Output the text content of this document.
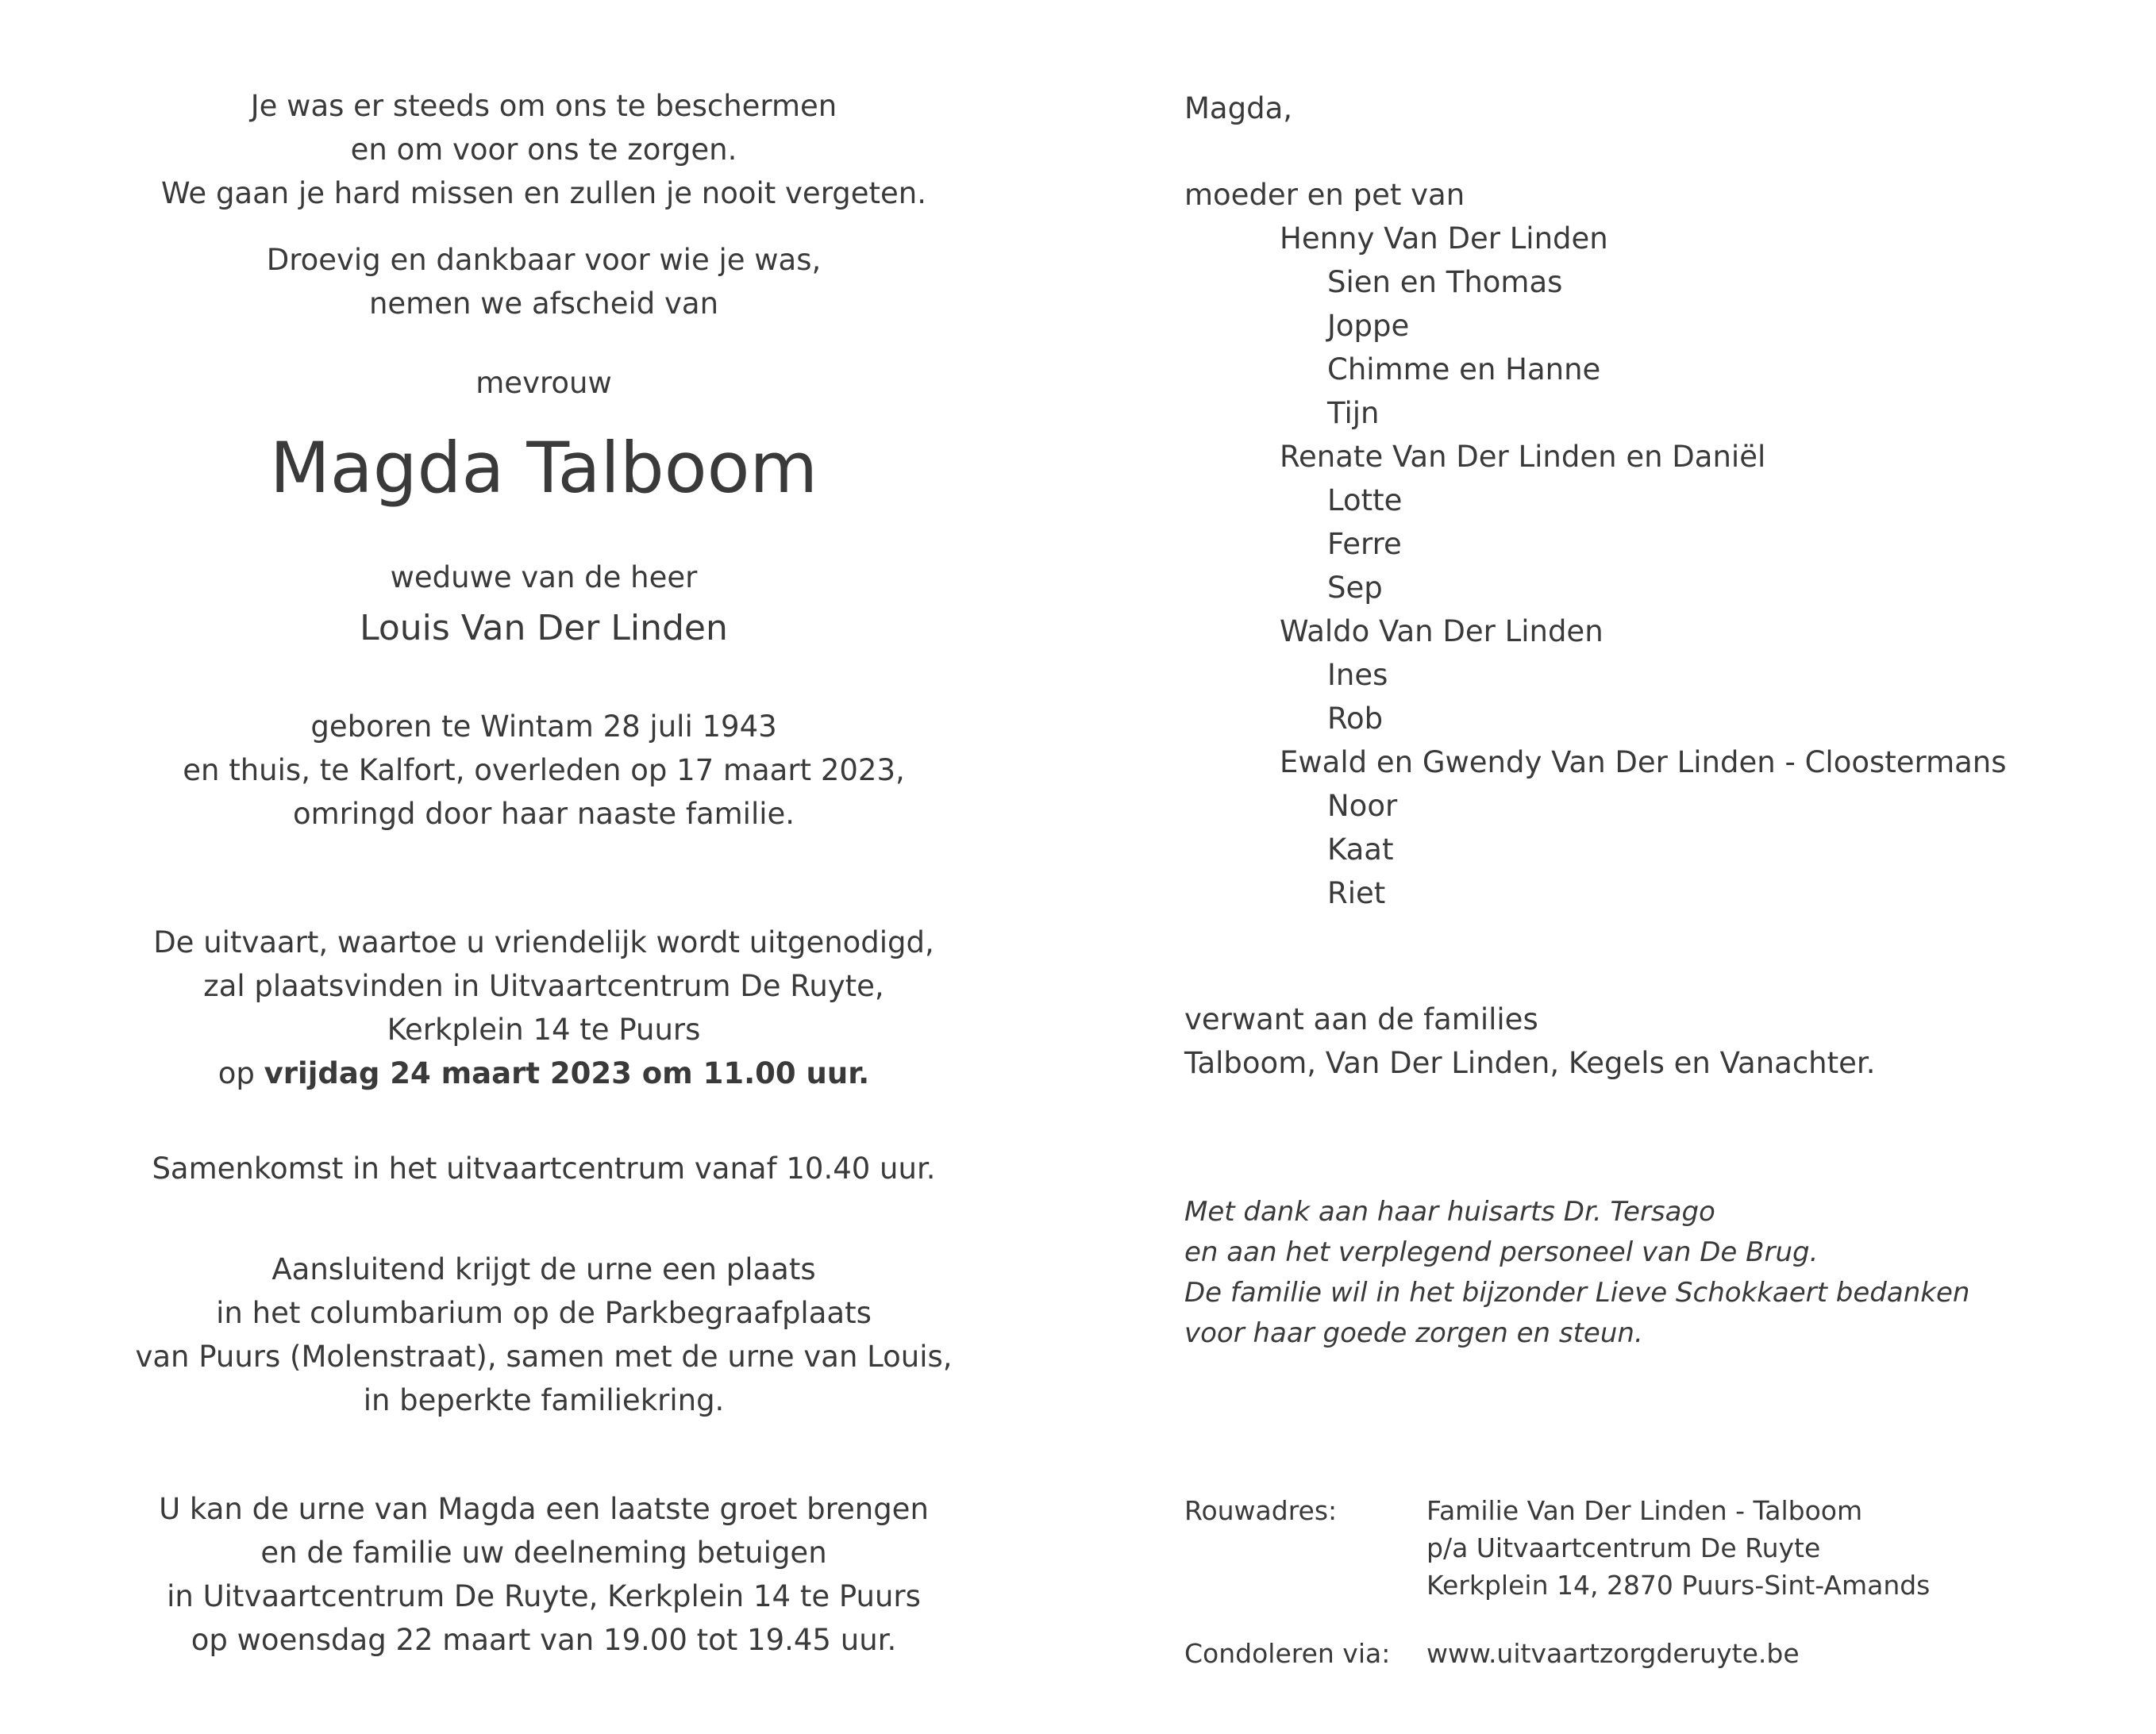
Je was er steeds om ons te beschermen
en om voor ons te zorgen.
We gaan je hard missen en zullen je nooit vergeten.
Droevig en dankbaar voor wie je was,
nemen we afscheid van
mevrouw
Magda Talboom
weduwe van de heer
Louis Van Der Linden
geboren te Wintam 28 juli 1943
en thuis, te Kalfort, overleden op 17 maart 2023,
omringd door haar naaste familie.
De uitvaart, waartoe u vriendelijk wordt uitgenodigd,
zal plaatsvinden in Uitvaartcentrum De Ruyte,
Kerkplein 14 te Puurs
op vrijdag 24 maart 2023 om 11.00 uur.
Samenkomst in het uitvaartcentrum vanaf 10.40 uur.
Aansluitend krijgt de urne een plaats
in het columbarium op de Parkbegraafplaats
van Puurs (Molenstraat), samen met de urne van Louis,
in beperkte familiekring.
U kan de urne van Magda een laatste groet brengen
en de familie uw deelneming betuigen
in Uitvaartcentrum De Ruyte, Kerkplein 14 te Puurs
op woensdag 22 maart van 19.00 tot 19.45 uur.
Magda,
moeder en pet van
Henny Van Der Linden
Sien en Thomas
Joppe
Chimme en Hanne
Tijn
Renate Van Der Linden en Daniël
Lotte
Ferre
Sep
Waldo Van Der Linden
Ines
Rob
Ewald en Gwendy Van Der Linden - Cloostermans
Noor
Kaat
Riet
verwant aan de families
Talboom, Van Der Linden, Kegels en Vanachter.
Met dank aan haar huisarts Dr. Tersago
en aan het verplegend personeel van De Brug.
De familie wil in het bijzonder Lieve Schokkaert bedanken
voor haar goede zorgen en steun.
Rouwadres:	Familie Van Der Linden - Talboom
p/a Uitvaartcentrum De Ruyte
Kerkplein 14, 2870 Puurs-Sint-Amands
Condoleren via:	www.uitvaartzorgderuyte.be
